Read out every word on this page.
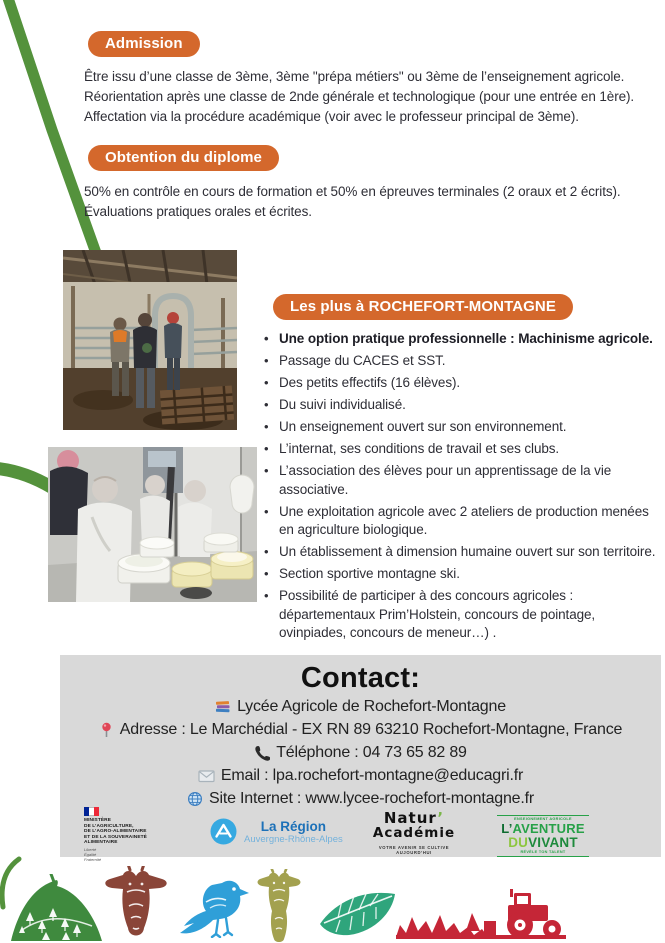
Admission
Être issu d’une classe de 3ème, 3ème "prépa métiers" ou 3ème de l’enseignement agricole.
Réorientation après une classe de 2nde générale et technologique (pour une entrée en 1ère).
Affectation via la procédure académique (voir avec le professeur principal de 3ème).
Obtention du diplome
50% en contrôle en cours de formation et 50% en épreuves terminales (2 oraux et 2 écrits).
Évaluations pratiques orales et écrites.
Les plus à ROCHEFORT-MONTAGNE
• Une option pratique professionnelle : Machinisme agricole.
• Passage du CACES et SST.
• Des petits effectifs (16 élèves).
• Du suivi individualisé.
• Un enseignement ouvert sur son environnement.
• L’internat, ses conditions de travail et ses clubs.
• L’association des élèves pour un apprentissage de la vie associative.
• Une exploitation agricole avec 2 ateliers de production menées en agriculture biologique.
• Un établissement à dimension humaine ouvert sur son territoire.
• Section sportive montagne ski.
• Possibilité de participer à des concours agricoles : départementaux Prim’Holstein, concours de pointage, ovinpiades, concours de meneur…) .
Contact:
Lycée Agricole de Rochefort-Montagne
Adresse : Le Marchédial - EX RN 89 63210 Rochefort-Montagne, France
Téléphone : 04 73 65 82 89
Email : lpa.rochefort-montagne@educagri.fr
Site Internet : www.lycee-rochefort-montagne.fr
MINISTÈRE
DE L’AGRICULTURE,
DE L’AGRO-ALIMENTAIRE
ET DE LA SOUVERAINETÉ
ALIMENTAIRE
Liberté
Égalité
Fraternité
La Région
Auvergne-Rhône-Alpes
Natur’
Académie
VOTRE AVENIR SE CULTIVE
AUJOURD’HUI
ENSEIGNEMENT AGRICOLE
L’AVENTURE
DUVIVANT
RÉVÈLE TON TALENT
